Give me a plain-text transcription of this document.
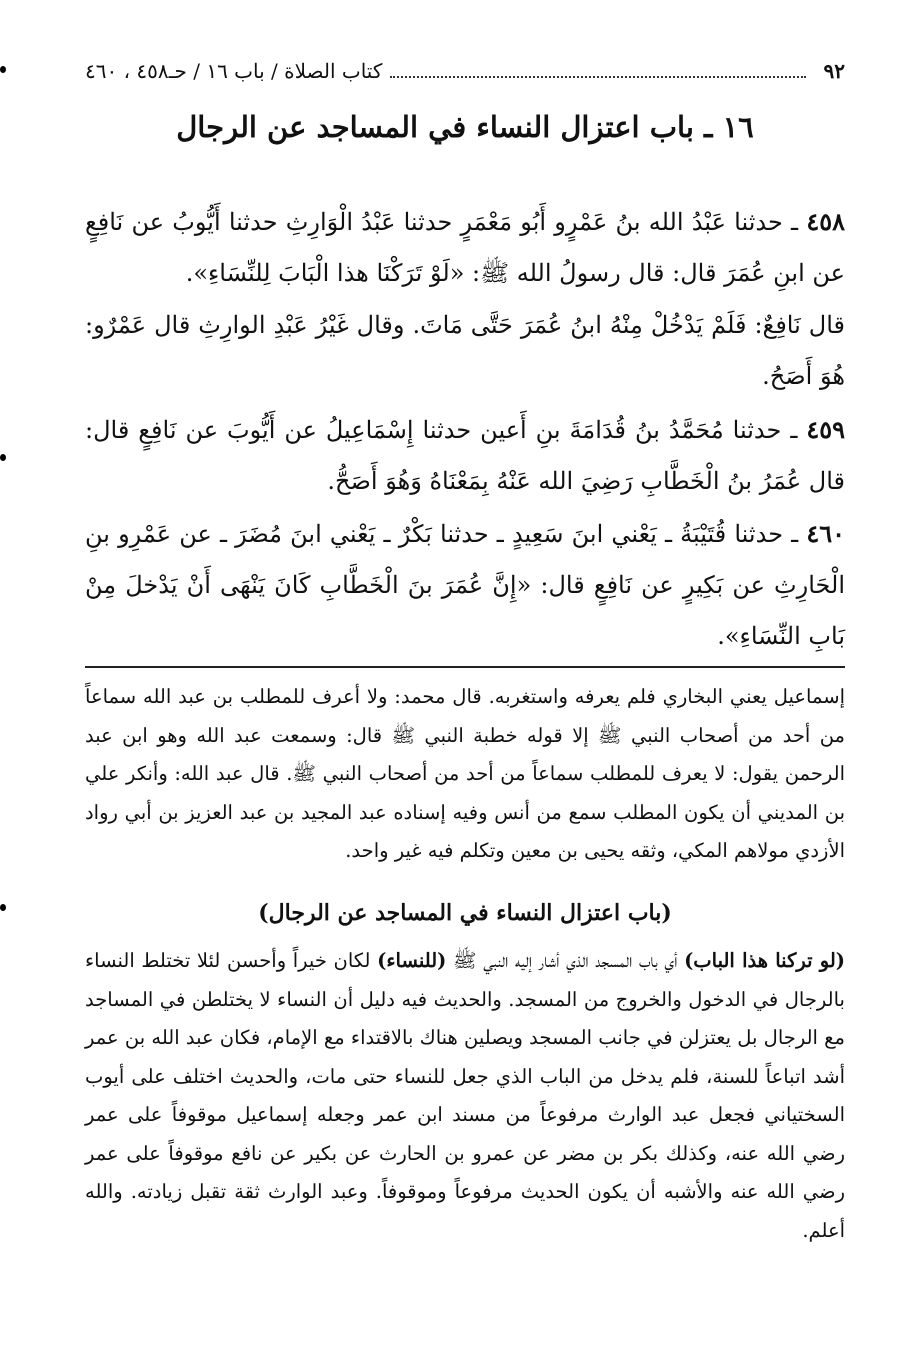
٩٢
كتاب الصلاة / باب ١٦ / حـ٤٥٨ ، ٤٦٠
١٦ ـ باب اعتزال النساء في المساجد عن الرجال

٤٥٨ ـ حدثنا عَبْدُ الله بنُ عَمْرٍو أَبُو مَعْمَرٍ حدثنا عَبْدُ الْوَارِثِ حدثنا أَيُّوبُ عن نَافِعٍ عن ابنِ عُمَرَ قال: قال رسولُ الله ﷺ: «لَوْ تَرَكْنَا هذا الْبَابَ لِلنِّسَاءِ».

قال نَافِعٌ: فَلَمْ يَدْخُلْ مِنْهُ ابنُ عُمَرَ حَتَّى مَاتَ. وقال غَيْرُ عَبْدِ الوارِثِ قال عَمْرٌو: هُوَ أَصَحُ.

٤٥٩ ـ حدثنا مُحَمَّدُ بنُ قُدَامَةَ بنِ أَعين حدثنا إِسْمَاعِيلُ عن أَيُّوبَ عن نَافِعٍ قال: قال عُمَرُ بنُ الْخَطَّابِ رَضِيَ الله عَنْهُ بِمَعْنَاهُ وَهُوَ أَصَحُّ.

٤٦٠ ـ حدثنا قُتَيْبَةُ ـ يَعْني ابنَ سَعِيدٍ ـ حدثنا بَكْرٌ ـ يَعْني ابنَ مُضَرَ ـ عن عَمْرِو بنِ الْحَارِثِ عن بَكِيرٍ عن نَافِعٍ قال: «إِنَّ عُمَرَ بنَ الْخَطَّابِ كَانَ يَنْهَى أَنْ يَدْخلَ مِنْ بَابِ النِّسَاءِ».

إسماعيل يعني البخاري فلم يعرفه واستغربه. قال محمد: ولا أعرف للمطلب بن عبد الله سماعاً من أحد من أصحاب النبي ﷺ إلا قوله خطبة النبي ﷺ قال: وسمعت عبد الله وهو ابن عبد الرحمن يقول: لا يعرف للمطلب سماعاً من أحد من أصحاب النبي ﷺ. قال عبد الله: وأنكر علي بن المديني أن يكون المطلب سمع من أنس وفيه إسناده عبد المجيد بن عبد العزيز بن أبي رواد الأزدي مولاهم المكي، وثقه يحيى بن معين وتكلم فيه غير واحد.

(باب اعتزال النساء في المساجد عن الرجال)

(لو تركنا هذا الباب) أي باب المسجد الذي أشار إليه النبي ﷺ (للنساء) لكان خيراً وأحسن لئلا تختلط النساء بالرجال في الدخول والخروج من المسجد. والحديث فيه دليل أن النساء لا يختلطن في المساجد مع الرجال بل يعتزلن في جانب المسجد ويصلين هناك بالاقتداء مع الإمام، فكان عبد الله بن عمر أشد اتباعاً للسنة، فلم يدخل من الباب الذي جعل للنساء حتى مات، والحديث اختلف على أيوب السختياني فجعل عبد الوارث مرفوعاً من مسند ابن عمر وجعله إسماعيل موقوفاً على عمر رضي الله عنه، وكذلك بكر بن مضر عن عمرو بن الحارث عن بكير عن نافع موقوفاً على عمر رضي الله عنه والأشبه أن يكون الحديث مرفوعاً وموقوفاً. وعبد الوارث ثقة تقبل زيادته. والله أعلم.
